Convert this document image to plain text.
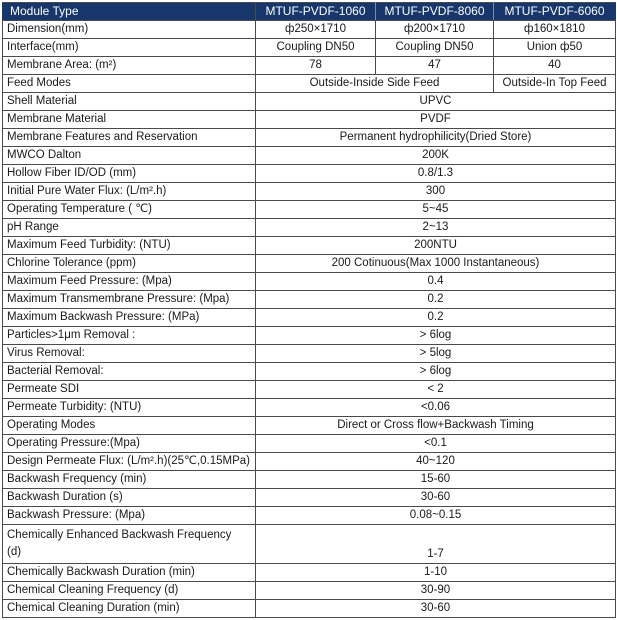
Module Type	MTUF-PVDF-1060	MTUF-PVDF-8060	MTUF-PVDF-6060
Dimension(mm)	ф250×1710	ф200×1710	ф160×1810
Interface(mm)	Coupling DN50	Coupling DN50	Union ф50
Membrane Area: (m²)	78	47	40
Feed Modes	Outside-Inside Side Feed		Outside-In Top Feed
Shell Material	UPVC		
Membrane Material	PVDF		
Membrane Features and Reservation	Permanent hydrophilicity(Dried Store)		
MWCO Dalton	200K		
Hollow Fiber ID/OD (mm)	0.8/1.3		
Initial Pure Water Flux: (L/m².h)	300		
Operating Temperature ( ℃)	5~45		
pH Range	2~13		
Maximum Feed Turbidity: (NTU)	200NTU		
Chlorine Tolerance (ppm)	200 Cotinuous(Max 1000 Instantaneous)		
Maximum Feed Pressure: (Mpa)	0.4		
Maximum Transmembrane Pressure: (Mpa)	0.2		
Maximum Backwash Pressure: (MPa)	0.2		
Particles>1μm Removal :	> 6log		
Virus Removal:	> 5log		
Bacterial Removal:	> 6log		
Permeate SDI	< 2		
Permeate Turbidity: (NTU)	<0.06		
Operating Modes	Direct or Cross flow+Backwash Timing		
Operating Pressure:(Mpa)	<0.1		
Design Permeate Flux: (L/m².h)(25℃,0.15MPa)	40~120		
Backwash Frequency (min)	15-60		
Backwash Duration (s)	30-60		
Backwash Pressure: (Mpa)	0.08~0.15		

Chemically Enhanced Backwash Frequency
(d)	1-7		
Chemically Backwash Duration (min)	1-10		
Chemical Cleaning Frequency (d)	30-90		
Chemical Cleaning Duration (min)	30-60		
